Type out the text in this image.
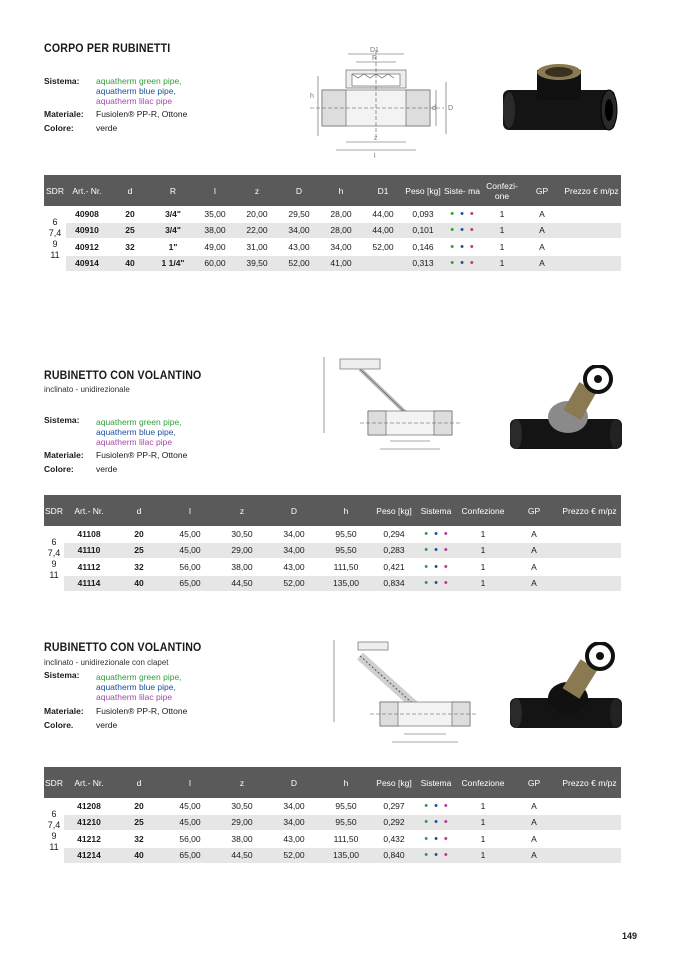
CORPO PER RUBINETTI
Sistema: aquatherm green pipe,
aquatherm blue pipe,
aquatherm lilac pipe
Materiale: Fusiolen® PP-R, Ottone
Colore:	verde
D1
R
h
d D
z
l
SDR	Art.- Nr.	d	R	l	z	D	h	D1	Peso [kg]	Siste- ma	Confezi- one	GP	Prezzo € m/pz

6
7,4
9
11	40908	20	3/4"	35,00	20,00	29,50	28,00	44,00	0,093	• • •	1	A	
	40910	25	3/4"	38,00	22,00	34,00	28,00	44,00	0,101	• • •	1	A	
	40912	32	1"	49,00	31,00	43,00	34,00	52,00	0,146	• • •	1	A	
	40914	40	1 1/4"	60,00	39,50	52,00	41,00		0,313	• • •	1	A	
RUBINETTO CON VOLANTINO
inclinato - unidirezionale
Sistema: aquatherm green pipe,
aquatherm blue pipe,
aquatherm lilac pipe
Materiale: Fusiolen® PP-R, Ottone
Colore:	verde
SDR	Art.- Nr.	d	l	z	D	h	Peso [kg]	Sistema	Confezione	GP	Prezzo € m/pz

6
7,4
9
11	41108	20	45,00	30,50	34,00	95,50	0,294	• • •	1	A	
	41110	25	45,00	29,00	34,00	95,50	0,283	• • •	1	A	
	41112	32	56,00	38,00	43,00	111,50	0,421	• • •	1	A	
	41114	40	65,00	44,50	52,00	135,00	0,834	• • •	1	A	
RUBINETTO CON VOLANTINO
inclinato - unidirezionale con clapet
Sistema: aquatherm green pipe,
aquatherm blue pipe,
aquatherm lilac pipe
Materiale: Fusiolen® PP-R, Ottone
Colore.	verde
SDR	Art.- Nr.	d	l	z	D	h	Peso [kg]	Sistema	Confezione	GP	Prezzo € m/pz

6
7,4
9
11	41208	20	45,00	30,50	34,00	95,50	0,297	• • •	1	A	
	41210	25	45,00	29,00	34,00	95,50	0,292	• • •	1	A	
	41212	32	56,00	38,00	43,00	111,50	0,432	• • •	1	A	
	41214	40	65,00	44,50	52,00	135,00	0,840	• • •	1	A	
149
